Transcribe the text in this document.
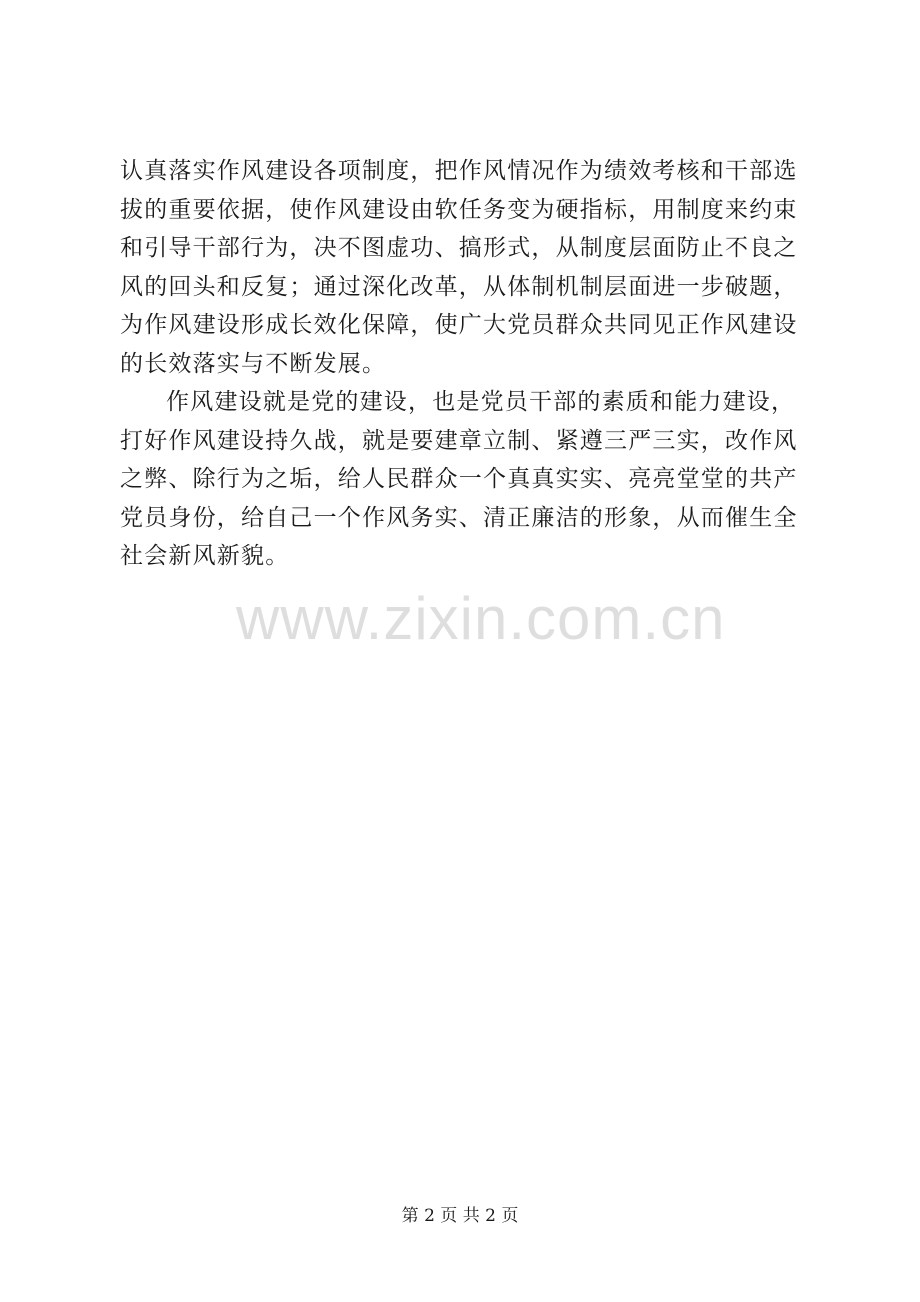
认真落实作风建设各项制度，把作风情况作为绩效考核和干部选
拔的重要依据，使作风建设由软任务变为硬指标，用制度来约束
和引导干部行为，决不图虚功、搞形式，从制度层面防止不良之
风的回头和反复；通过深化改革，从体制机制层面进一步破题，
为作风建设形成长效化保障，使广大党员群众共同见正作风建设
的长效落实与不断发展。
作风建设就是党的建设，也是党员干部的素质和能力建设，
打好作风建设持久战，就是要建章立制、紧遵三严三实，改作风
之弊、除行为之垢，给人民群众一个真真实实、亮亮堂堂的共产
党员身份，给自己一个作风务实、清正廉洁的形象，从而催生全
社会新风新貌。
www.zixin.com.cn
第 2 页 共 2 页
